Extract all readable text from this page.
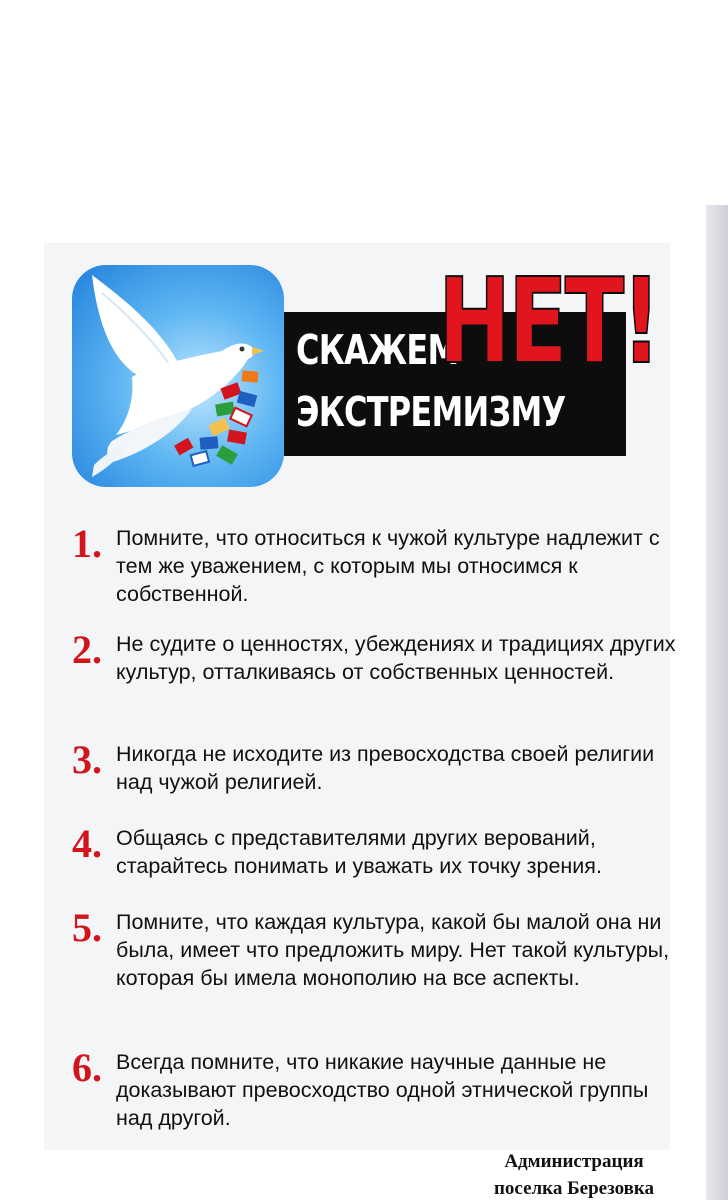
СКАЖЕМ
ЭКСТРЕМИЗМУ
НЕТ!
1. Помните, что относиться к чужой культуре надлежит с тем же уважением, с которым мы относимся к собственной.
2. Не судите о ценностях, убеждениях и традициях других культур, отталкиваясь от собственных ценностей.
3. Никогда не исходите из превосходства своей религии над чужой религией.
4. Общаясь с представителями других верований, старайтесь понимать и уважать их точку зрения.
5. Помните, что каждая культура, какой бы малой она ни была, имеет что предложить миру. Нет такой культуры, которая бы имела монополию на все аспекты.
6. Всегда помните, что никакие научные данные не доказывают превосходство одной этнической группы над другой.
Администрация
поселка Березовка
